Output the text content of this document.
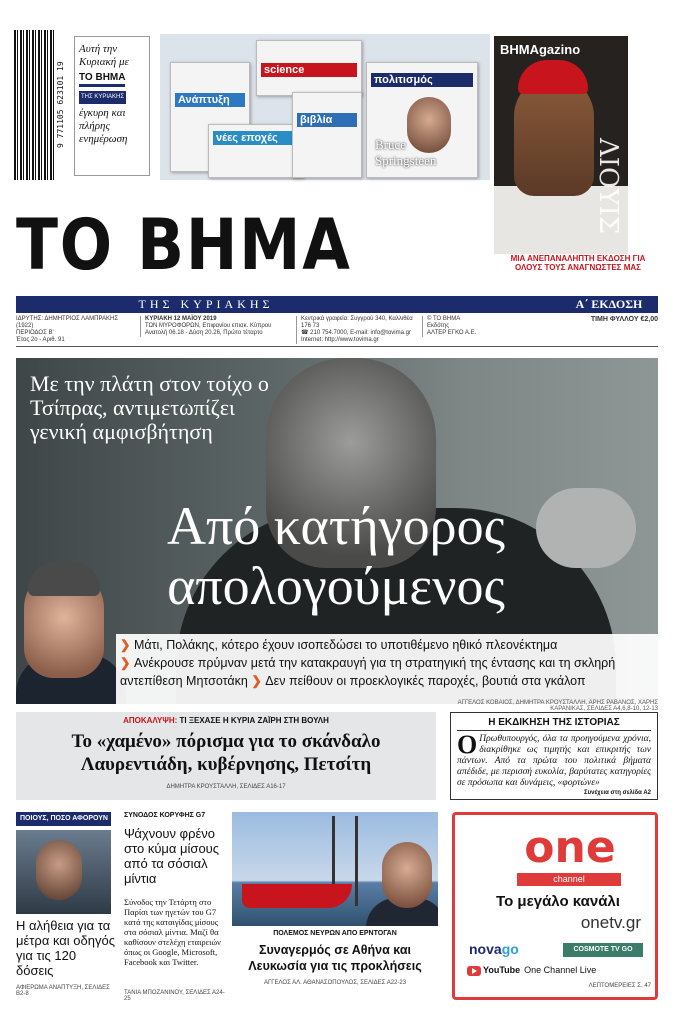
9 771105 623101 19
Αυτή την Κυριακή με
ΤΟ ΒΗΜΑ
ΤΗΣ ΚΥΡΙΑΚΗΣ
έγκυρη και πλήρης ενημέρωση
Ανάπτυξη
science
πολιτισμός
Bruce Springsteen
νέες εποχές
βιβλία
ΒΗΜAgazino
ΛΙΟΥΙΣ
ΜΙΑ ΑΝΕΠΑΝΑΛΗΠΤΗ ΕΚΔΟΣΗ ΓΙΑ ΟΛΟΥΣ ΤΟΥΣ ΑΝΑΓΝΩΣΤΕΣ ΜΑΣ
ΤΟ ΒΗΜΑ
ΤΗΣ ΚΥΡΙΑΚΗΣ	Α΄ ΕΚΔΟΣΗ
ΙΔΡΥΤΗΣ: ΔΗΜΗΤΡΙΟΣ ΛΑΜΠΡΑΚΗΣ (1922)
ΠΕΡΙΟΔΟΣ Β'
Έτος 2ο - Αριθ. 91
ΚΥΡΙΑΚΗ 12 ΜΑΪΟΥ 2019
ΤΩΝ ΜΥΡΟΦΟΡΩΝ, Επιφανίου επισκ. Κύπρου
Ανατολή 06.18 - Δύση 20.26, Πρώτο τέταρτο
Κεντρικά γραφεία: Συγγρού 340, Καλλιθέα 176 73
☎ 210 754.7000, E-mail: info@tovima.gr
Internet: http://www.tovima.gr
© ΤΟ ΒΗΜΑ
Εκδότης
ΑΛΤΕΡ ΕΓΚΟ Α.Ε.
ΤΙΜΗ ΦΥΛΛΟΥ €2,00
Με την πλάτη στον τοίχο ο Τσίπρας, αντιμετωπίζει γενική αμφισβήτηση
Από κατήγορος
απολογούμενος
❯ Μάτι, Πολάκης, κότερο έχουν ισοπεδώσει το υποτιθέμενο ηθικό πλεονέκτημα
❯ Ανέκρουσε πρύμναν μετά την κατακραυγή για τη στρατηγική της έντασης και τη σκληρή αντεπίθεση Μητσοτάκη ❯ Δεν πείθουν οι προεκλογικές παροχές, βουτιά στα γκάλοπ
ΑΓΓΕΛΟΣ ΚΟΒΑΙΟΣ, ΔΗΜΗΤΡΑ ΚΡΟΥΣΤΑΛΛΗ, ΑΡΗΣ ΡΑΒΑΝΟΣ, ΧΑΡΗΣ ΚΑΡΑΝΙΚΑΣ, ΣΕΛΙΔΕΣ Α4,6,8-10, 12-13
ΑΠΟΚΑΛΥΨΗ: ΤΙ ΞΕΧΑΣΕ Η ΚΥΡΙΑ ΖΑΪΡΗ ΣΤΗ ΒΟΥΛΗ
Το «χαμένο» πόρισμα για το σκάνδαλο Λαυρεντιάδη, κυβέρνησης, Πετσίτη
ΔΗΜΗΤΡΑ ΚΡΟΥΣΤΑΛΛΗ, ΣΕΛΙΔΕΣ Α16-17
Η ΕΚΔΙΚΗΣΗ ΤΗΣ ΙΣΤΟΡΙΑΣ
Ο Πρωθυπουργός, όλα τα προηγούμενα χρόνια, διακρίθηκε ως τιμητής και επικριτής των πάντων. Από τα πρώτα του πολιτικά βήματα απέδιδε, με περισσή ευκολία, βαρύτατες κατηγορίες σε πρόσωπα και δυνάμεις, «φορτώνε»
Συνέχεια στη σελίδα Α2
ΠΟΙΟΥΣ, ΠΟΣΟ ΑΦΟΡΟΥΝ
Η αλήθεια για τα μέτρα και οδηγός για τις 120 δόσεις
ΑΦΙΕΡΩΜΑ ΑΝΑΠΤΥΞΗ, ΣΕΛΙΔΕΣ Β2-8
ΣΥΝΟΔΟΣ ΚΟΡΥΦΗΣ G7
Ψάχνουν φρένο στο κύμα μίσους από τα σόσιαλ μίντια
Σύνοδος την Τετάρτη στο Παρίσι των ηγετών του G7 κατά της καταιγίδας μίσους στα σόσιαλ μίντια. Μαζί θα καθίσουν στελέχη εταιρειών όπως οι Google, Microsoft, Facebook και Twitter.
ΤΑΝΙΑ ΜΠΟΖΑΝΙΝΟΥ, ΣΕΛΙΔΕΣ Α24-25
ΠΟΛΕΜΟΣ ΝΕΥΡΩΝ ΑΠΟ ΕΡΝΤΟΓΑΝ
Συναγερμός σε Αθήνα και Λευκωσία για τις προκλήσεις
ΑΓΓΕΛΟΣ ΑΛ. ΑΘΑΝΑΣΟΠΟΥΛΟΣ, ΣΕΛΙΔΕΣ Α22-23
one
channel
Το μεγάλο κανάλι
onetv.gr
novago	COSMOTE TV GO
YouTube One Channel Live
ΛΕΠΤΟΜΕΡΕΙΕΣ Σ. 47
